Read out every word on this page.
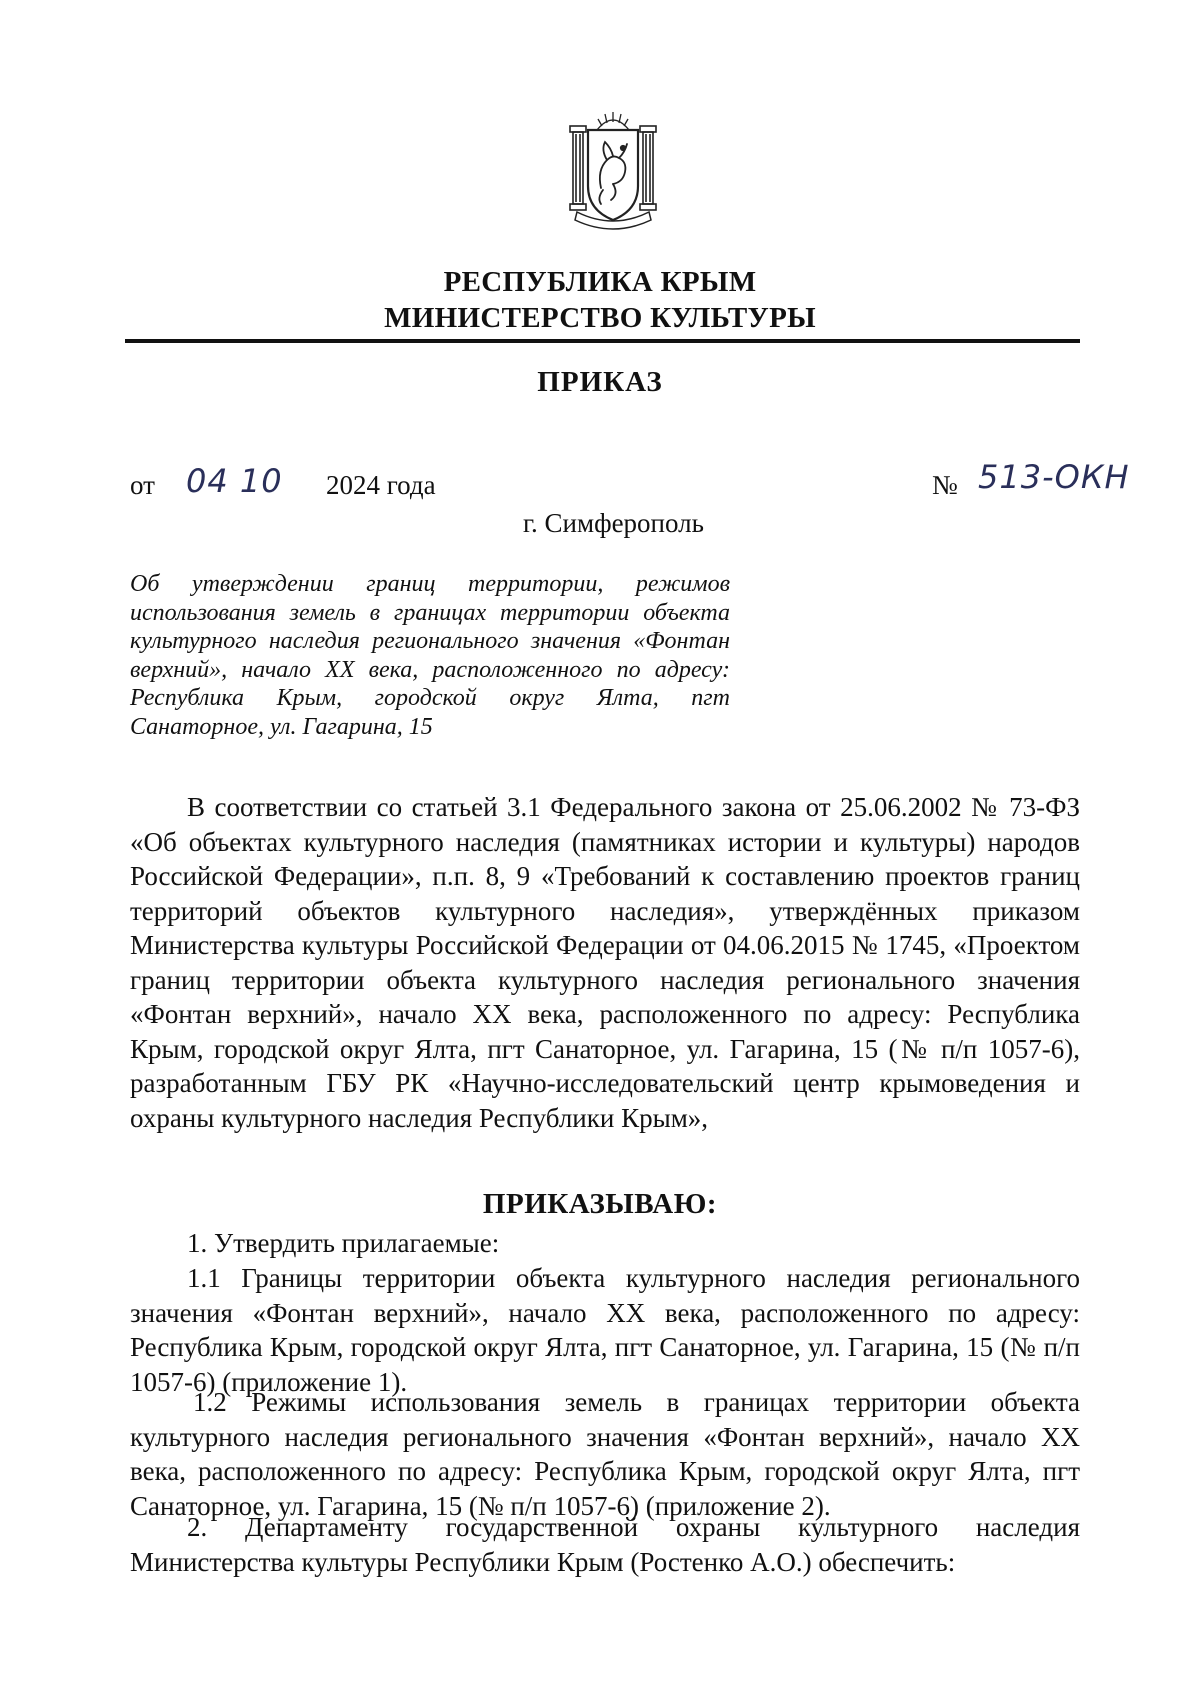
РЕСПУБЛИКА КРЫМ
МИНИСТЕРСТВО КУЛЬТУРЫ
ПРИКАЗ
от 04 10 2024 года	№ 513-ОКН
г. Симферополь
Об утверждении границ территории, режимов использования земель в границах территории объекта культурного наследия регионального значения «Фонтан верхний», начало XX века, расположенного по адресу: Республика Крым, городской округ Ялта, пгт Санаторное, ул. Гагарина, 15
В соответствии со статьей 3.1 Федерального закона от 25.06.2002 № 73-ФЗ «Об объектах культурного наследия (памятниках истории и культуры) народов Российской Федерации», п.п. 8, 9 «Требований к составлению проектов границ территорий объектов культурного наследия», утверждённых приказом Министерства культуры Российской Федерации от 04.06.2015 № 1745, «Проектом границ территории объекта культурного наследия регионального значения «Фонтан верхний», начало XX века, расположенного по адресу: Республика Крым, городской округ Ялта, пгт Санаторное, ул. Гагарина, 15 (№ п/п 1057-6), разработанным ГБУ РК «Научно-исследовательский центр крымоведения и охраны культурного наследия Республики Крым»,
ПРИКАЗЫВАЮ:
1. Утвердить прилагаемые:
1.1 Границы территории объекта культурного наследия регионального значения «Фонтан верхний», начало XX века, расположенного по адресу: Республика Крым, городской округ Ялта, пгт Санаторное, ул. Гагарина, 15 (№ п/п 1057-6) (приложение 1).
1.2 Режимы использования земель в границах территории объекта культурного наследия регионального значения «Фонтан верхний», начало XX века, расположенного по адресу: Республика Крым, городской округ Ялта, пгт Санаторное, ул. Гагарина, 15 (№ п/п 1057-6) (приложение 2).
2. Департаменту государственной охраны культурного наследия Министерства культуры Республики Крым (Ростенко А.О.) обеспечить:
